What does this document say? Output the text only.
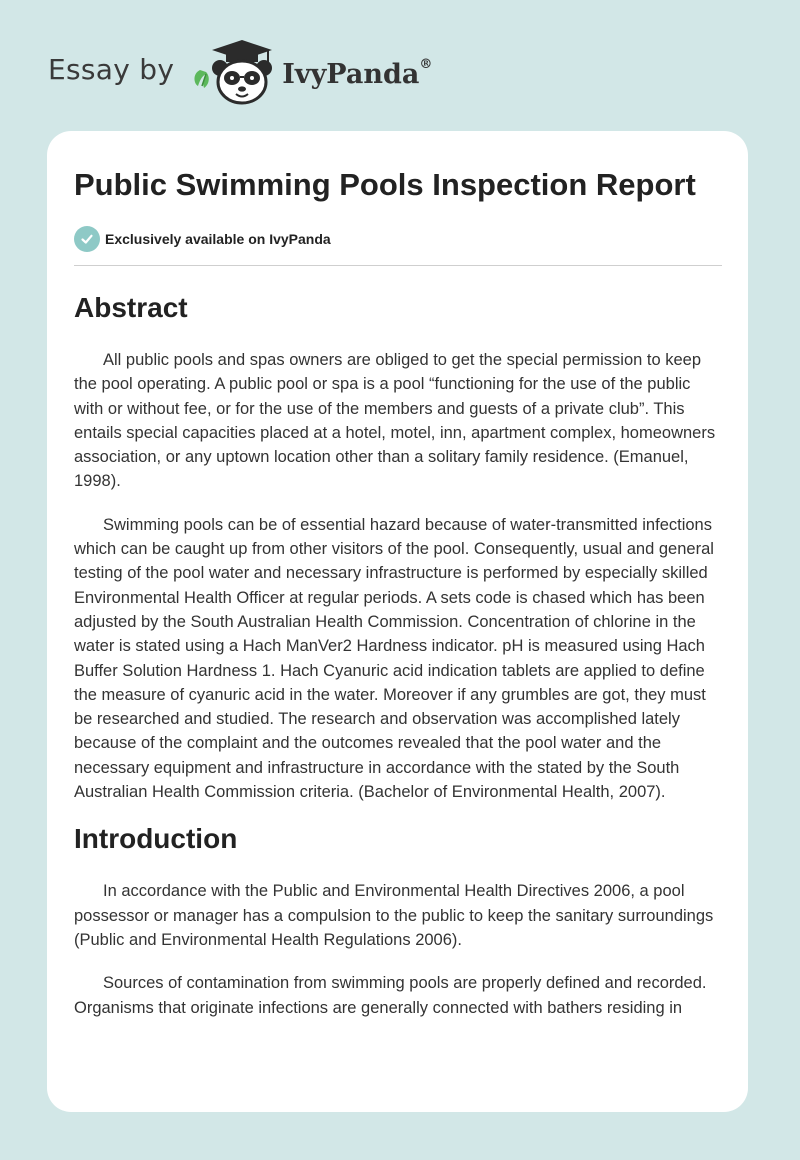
Essay by	IvyPanda®
Public Swimming Pools Inspection Report
Exclusively available on IvyPanda
Abstract

All public pools and spas owners are obliged to get the special permission to keep the pool operating. A public pool or spa is a pool “functioning for the use of the public with or without fee, or for the use of the members and guests of a private club”. This entails special capacities placed at a hotel, motel, inn, apartment complex, homeowners association, or any uptown location other than a solitary family residence. (Emanuel, 1998).

Swimming pools can be of essential hazard because of water-transmitted infections which can be caught up from other visitors of the pool. Consequently, usual and general testing of the pool water and necessary infrastructure is performed by especially skilled Environmental Health Officer at regular periods. A sets code is chased which has been adjusted by the South Australian Health Commission. Concentration of chlorine in the water is stated using a Hach ManVer2 Hardness indicator. pH is measured using Hach Buffer Solution Hardness 1. Hach Cyanuric acid indication tablets are applied to define the measure of cyanuric acid in the water. Moreover if any grumbles are got, they must be researched and studied. The research and observation was accomplished lately because of the complaint and the outcomes revealed that the pool water and the necessary equipment and infrastructure in accordance with the stated by the South Australian Health Commission criteria. (Bachelor of Environmental Health, 2007).

Introduction

In accordance with the Public and Environmental Health Directives 2006, a pool possessor or manager has a compulsion to the public to keep the sanitary surroundings (Public and Environmental Health Regulations 2006).

Sources of contamination from swimming pools are properly defined and recorded. Organisms that originate infections are generally connected with bathers residing in
